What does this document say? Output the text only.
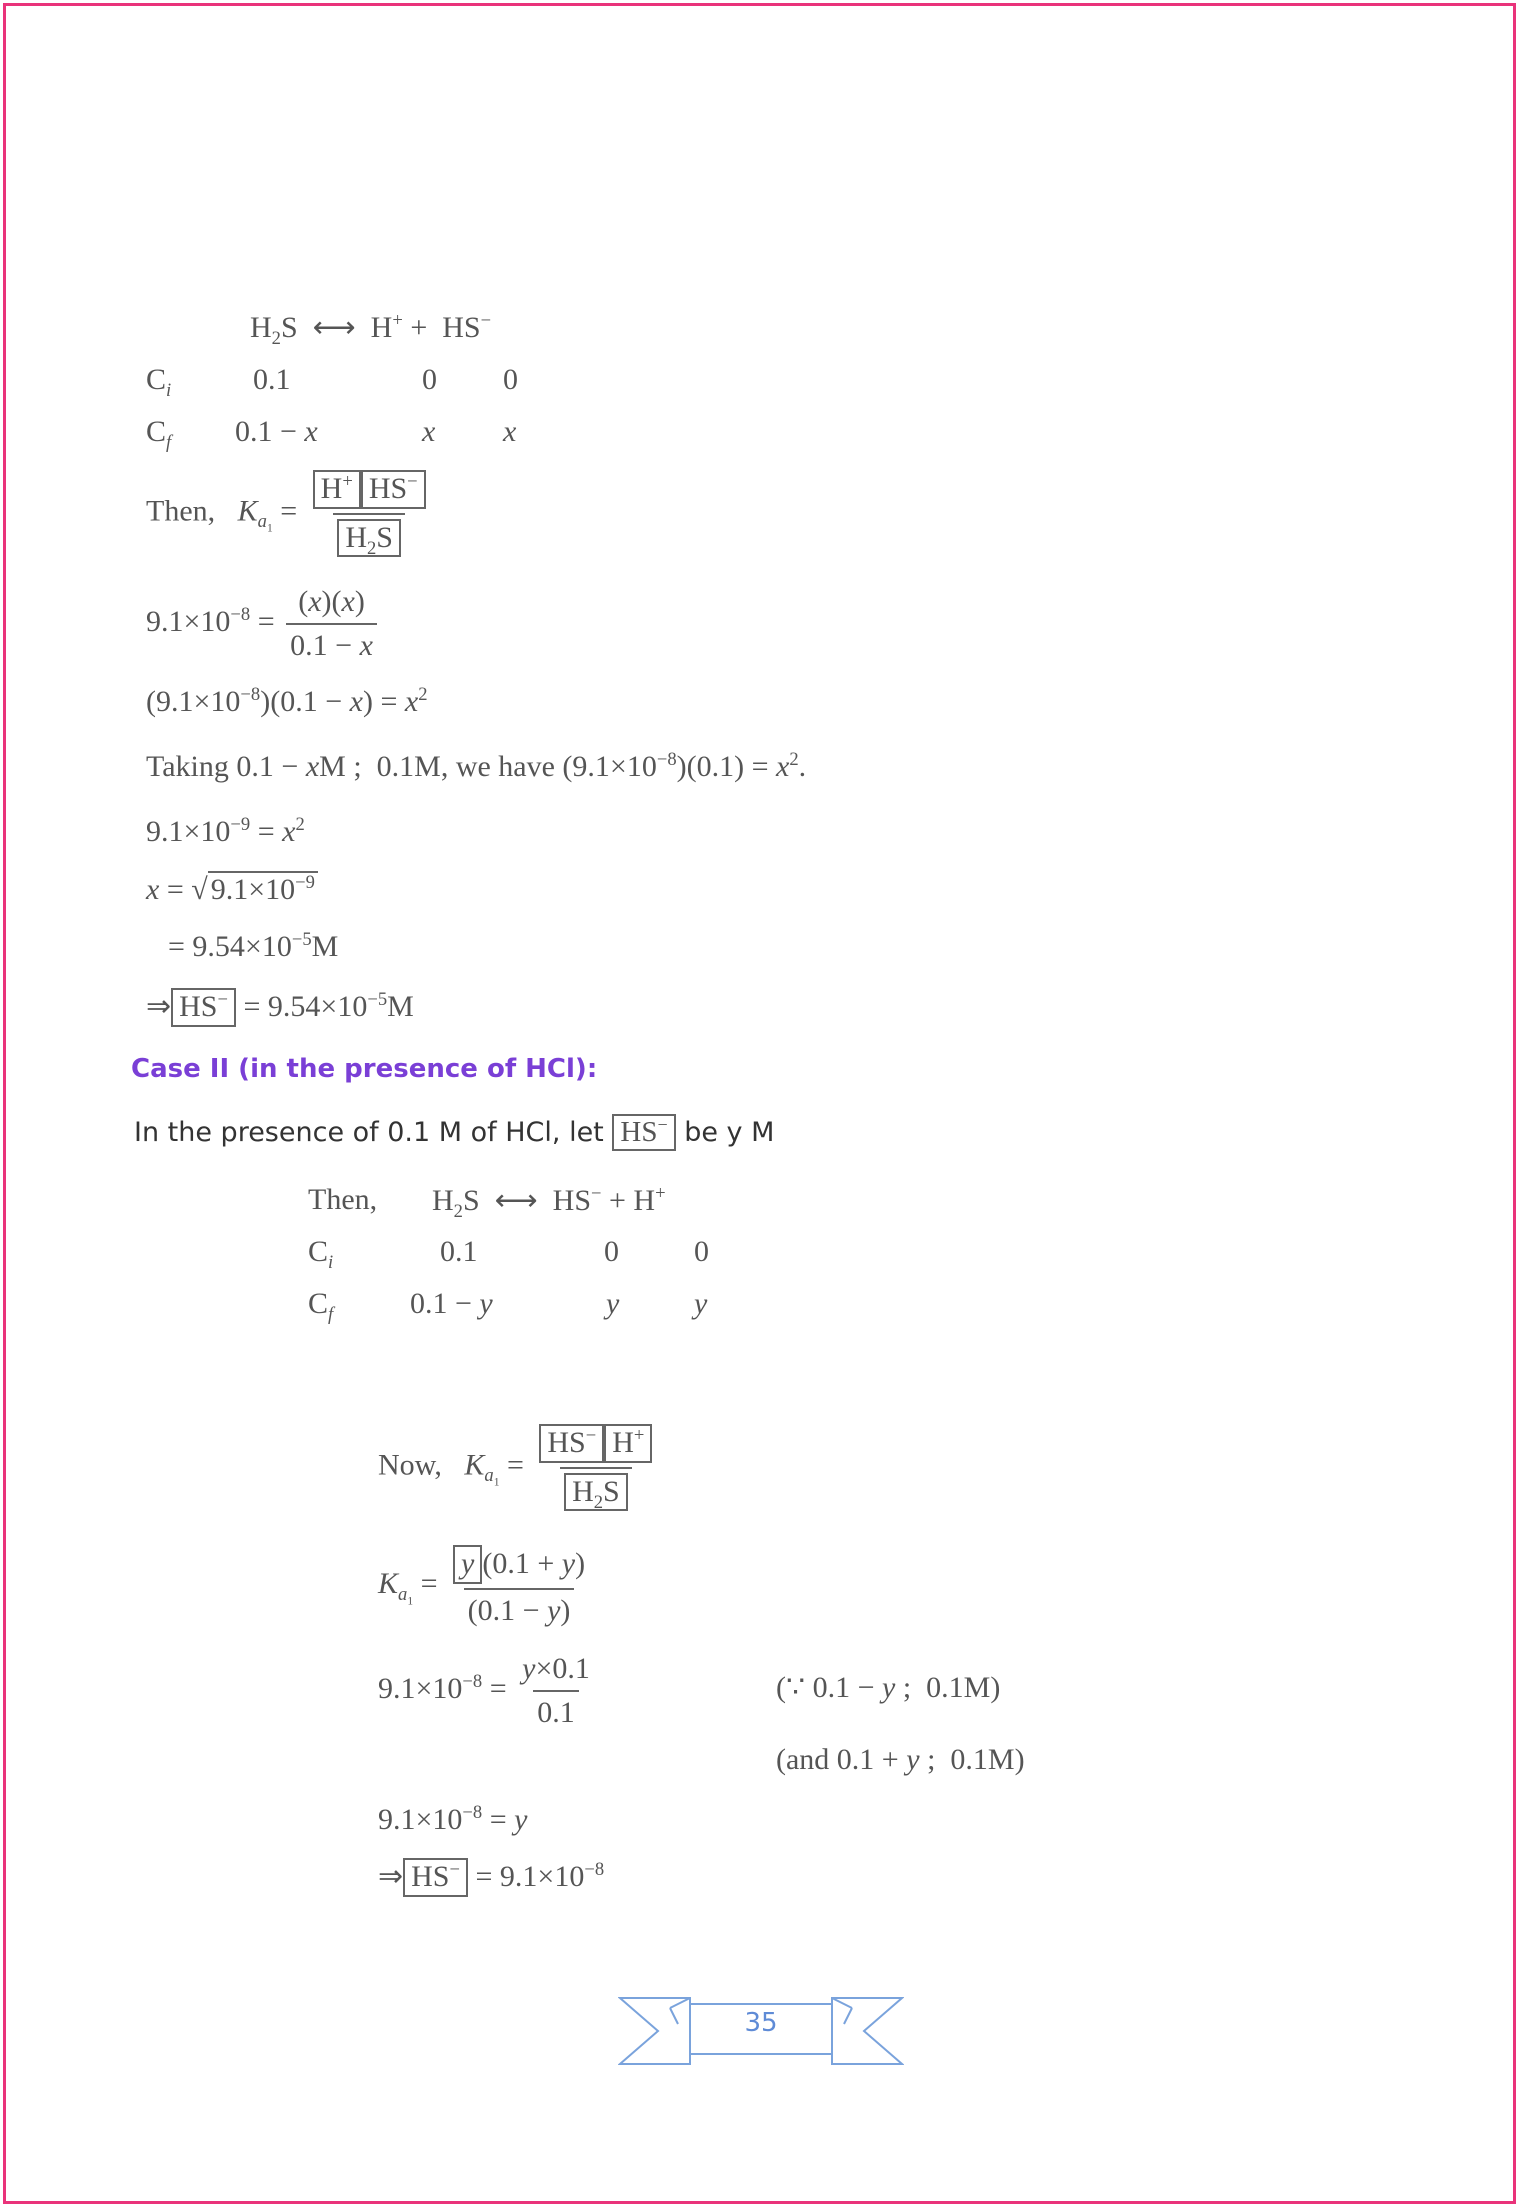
$H_2S$  ⟷  H+ +  HS−
$C_i$	0.1	0 0
$C_f$ 0.1 − x	x x
Then, $K_{a_1} = \frac{H^+ HS^-}{H_2S}$
$9.1\times 10^{-8} = \frac{(x)(x)}{0.1 - x}$
$(9.1\times 10^{-8})(0.1 - x) = x^2$
Taking 0.1 − xM ;  0.1M, we have $(9.1\times 10^{-8})(0.1) = x^2$.
$9.1\times 10^{-9} = x^2$
x = √ $9.1\times 10^{-9}$
= $9.54\times 10^{-5}M$
⇒ $HS^- = 9.54\times 10^{-5}M$
Case II (in the presence of HCl):
In the presence of 0.1 M of HCl, let HS− be y M
Then, $H_2S$  ⟷  HS− + H+
$C_i$	0.1	0	0
$C_f$	0.1 − y	y y
Now, $K_{a_1} = \frac{HS^- H^+}{H_2S}$
$K_{a_1} = \frac{y (0.1 + y)}{(0.1 - y)}$
$9.1\times 10^{-8} = \frac{y\times 0.1}{0.1}$	(∵ 0.1 − y ;  0.1M)
(and 0.1 + y ;  0.1M)
$9.1\times 10^{-8} = y$
⇒ $HS^- = 9.1\times 10^{-8}$
35
